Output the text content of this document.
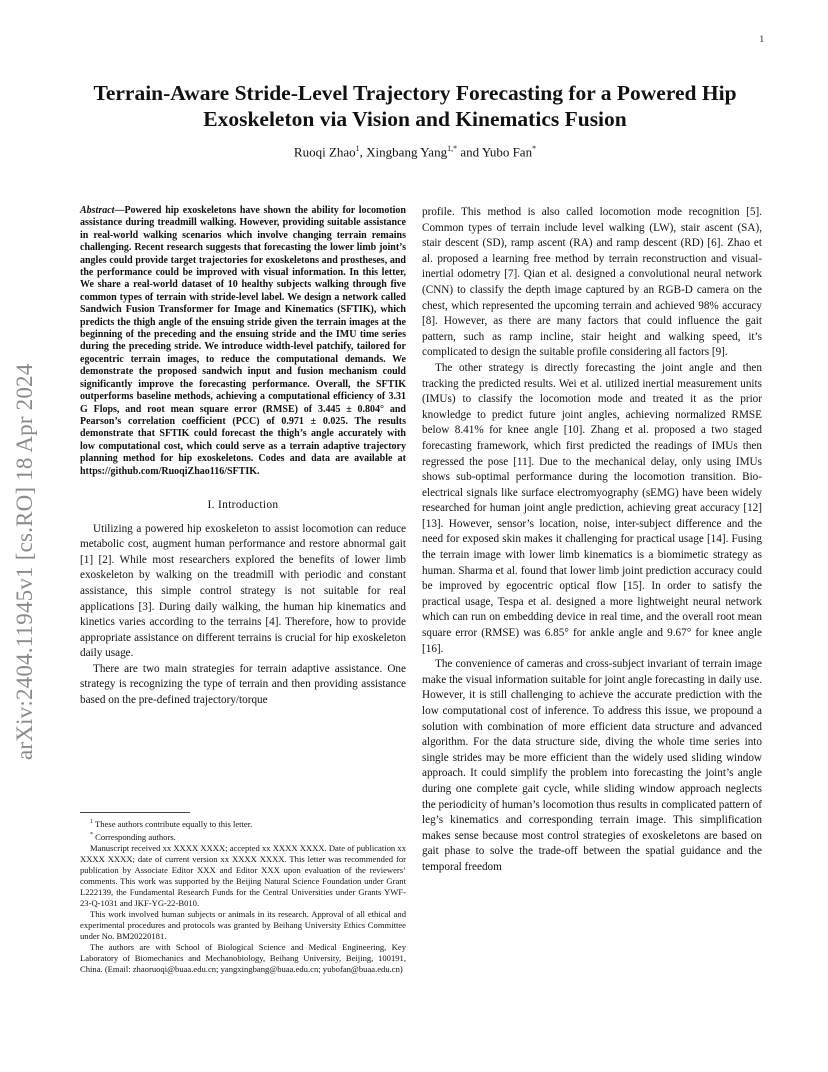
1
arXiv:2404.11945v1 [cs.RO] 18 Apr 2024
Terrain-Aware Stride-Level Trajectory Forecasting for a Powered Hip Exoskeleton via Vision and Kinematics Fusion
Ruoqi Zhao$^1$, Xingbang Yang$^{1,*}$ and Yubo Fan*
Abstract—Powered hip exoskeletons have shown the ability for locomotion assistance during treadmill walking. However, providing suitable assistance in real-world walking scenarios which involve changing terrain remains challenging. Recent research suggests that forecasting the lower limb joint’s angles could provide target trajectories for exoskeletons and prostheses, and the performance could be improved with visual information. In this letter, We share a real-world dataset of 10 healthy subjects walking through five common types of terrain with stride-level label. We design a network called Sandwich Fusion Transformer for Image and Kinematics (SFTIK), which predicts the thigh angle of the ensuing stride given the terrain images at the beginning of the preceding and the ensuing stride and the IMU time series during the preceding stride. We introduce width-level patchify, tailored for egocentric terrain images, to reduce the computational demands. We demonstrate the proposed sandwich input and fusion mechanism could significantly improve the forecasting performance. Overall, the SFTIK outperforms baseline methods, achieving a computational efficiency of 3.31 G Flops, and root mean square error (RMSE) of 3.445 ± 0.804° and Pearson’s correlation coefficient (PCC) of 0.971 ± 0.025. The results demonstrate that SFTIK could forecast the thigh’s angle accurately with low computational cost, which could serve as a terrain adaptive trajectory planning method for hip exoskeletons. Codes and data are available at https://github.com/RuoqiZhao116/SFTIK.
I. Introduction

Utilizing a powered hip exoskeleton to assist locomotion can reduce metabolic cost, augment human performance and restore abnormal gait [1] [2]. While most researchers explored the benefits of lower limb exoskeleton by walking on the treadmill with periodic and constant assistance, this simple control strategy is not suitable for real applications [3]. During daily walking, the human hip kinematics and kinetics varies according to the terrains [4]. Therefore, how to provide appropriate assistance on different terrains is crucial for hip exoskeleton daily usage.

There are two main strategies for terrain adaptive assistance. One strategy is recognizing the type of terrain and then providing assistance based on the pre-defined trajectory/torque

$^1$ These authors contribute equally to this letter.

* Corresponding authors.

Manuscript received xx XXXX XXXX; accepted xx XXXX XXXX. Date of publication xx XXXX XXXX; date of current version xx XXXX XXXX. This letter was recommended for publication by Associate Editor XXX and Editor XXX upon evaluation of the reviewers’ comments. This work was supported by the Beijing Natural Science Foundation under Grant L222139, the Fundamental Research Funds for the Central Universities under Grants YWF-23-Q-1031 and JKF-YG-22-B010.

This work involved human subjects or animals in its research. Approval of all ethical and experimental procedures and protocols was granted by Beihang University Ethics Committee under No. BM20220181.

The authors are with School of Biological Science and Medical Engineering, Key Laboratory of Biomechanics and Mechanobiology, Beihang University, Beijing, 100191, China. (Email: zhaoruoqi@buaa.edu.cn; yangxingbang@buaa.edu.cn; yubofan@buaa.edu.cn)

profile. This method is also called locomotion mode recognition [5]. Common types of terrain include level walking (LW), stair ascent (SA), stair descent (SD), ramp ascent (RA) and ramp descent (RD) [6]. Zhao et al. proposed a learning free method by terrain reconstruction and visual-inertial odometry [7]. Qian et al. designed a convolutional neural network (CNN) to classify the depth image captured by an RGB-D camera on the chest, which represented the upcoming terrain and achieved 98% accuracy [8]. However, as there are many factors that could influence the gait pattern, such as ramp incline, stair height and walking speed, it’s complicated to design the suitable profile considering all factors [9].

The other strategy is directly forecasting the joint angle and then tracking the predicted results. Wei et al. utilized inertial measurement units (IMUs) to classify the locomotion mode and treated it as the prior knowledge to predict future joint angles, achieving normalized RMSE below 8.41% for knee angle [10]. Zhang et al. proposed a two staged forecasting framework, which first predicted the readings of IMUs then regressed the pose [11]. Due to the mechanical delay, only using IMUs shows sub-optimal performance during the locomotion transition. Bio-electrical signals like surface electromyography (sEMG) have been widely researched for human joint angle prediction, achieving great accuracy [12] [13]. However, sensor’s location, noise, inter-subject difference and the need for exposed skin makes it challenging for practical usage [14]. Fusing the terrain image with lower limb kinematics is a biomimetic strategy as human. Sharma et al. found that lower limb joint prediction accuracy could be improved by egocentric optical flow [15]. In order to satisfy the practical usage, Tespa et al. designed a more lightweight neural network which can run on embedding device in real time, and the overall root mean square error (RMSE) was 6.85° for ankle angle and 9.67° for knee angle [16].

The convenience of cameras and cross-subject invariant of terrain image make the visual information suitable for joint angle forecasting in daily use. However, it is still challenging to achieve the accurate prediction with the low computational cost of inference. To address this issue, we propound a solution with combination of more efficient data structure and advanced algorithm. For the data structure side, diving the whole time series into single strides may be more efficient than the widely used sliding window approach. It could simplify the problem into forecasting the joint’s angle during one complete gait cycle, while sliding window approach neglects the periodicity of human’s locomotion thus results in complicated pattern of leg’s kinematics and corresponding terrain image. This simplification makes sense because most control strategies of exoskeletons are based on gait phase to solve the trade-off between the spatial guidance and the temporal freedom
